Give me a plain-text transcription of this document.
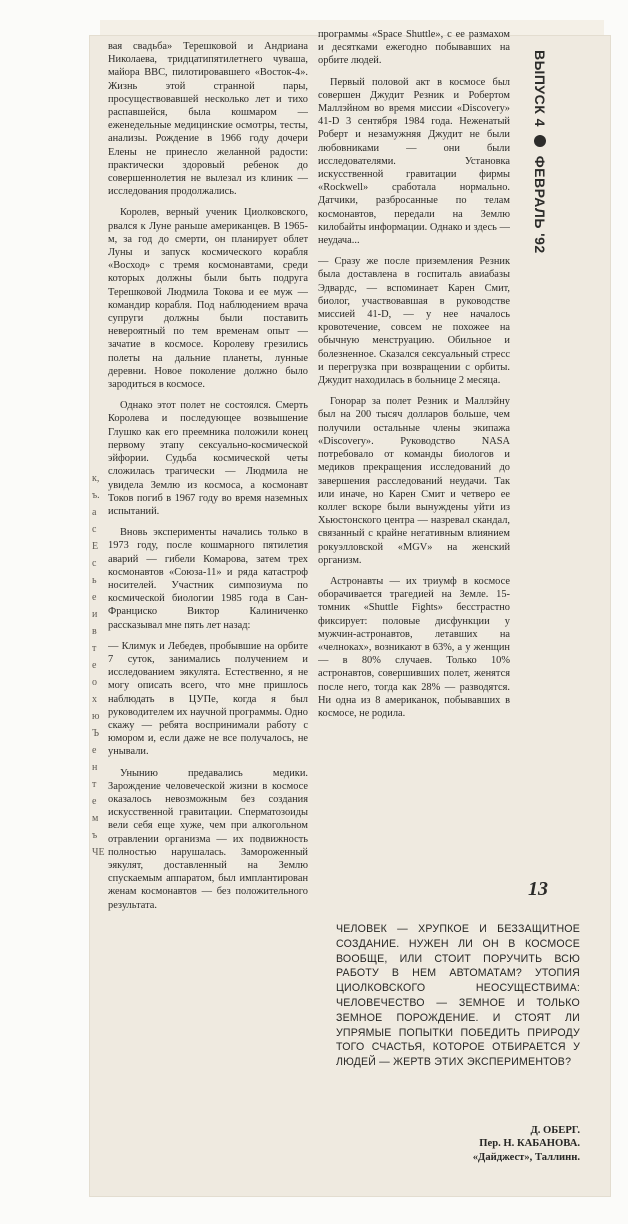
к,
ъ.
а
с
Е
с
ь
е
и
в
т
е
о
х
ю
Ъ
е
н
т
е
м
ъ
ЧЕ

вая свадьба» Терешковой и Андриана Николаева, тридцатипятилетнего чуваша, майора ВВС, пилотировавшего «Восток-4». Жизнь этой странной пары, просуществовавшей несколько лет и тихо распавшейся, была кошмаром — еженедельные медицинские осмотры, тесты, анализы. Рождение в 1966 году дочери Елены не принесло желанной радости: практически здоровый ребенок до совершеннолетия не вылезал из клиник — исследования продолжались.

Королев, верный ученик Циолковского, рвался к Луне раньше американцев. В 1965-м, за год до смерти, он планирует облет Луны и запуск космического корабля «Восход» с тремя космонавтами, среди которых должны были быть подруга Терешковой Людмила Токова и ее муж — командир корабля. Под наблюдением врача супруги должны были поставить невероятный по тем временам опыт — зачатие в космосе. Королеву грезились полеты на дальние планеты, лунные деревни. Новое поколение должно было зародиться в космосе.

Однако этот полет не состоялся. Смерть Королева и последующее возвышение Глушко как его преемника положили конец первому этапу сексуально-космической эйфории. Судьба космической четы сложилась трагически — Людмила не увидела Землю из космоса, а космонавт Токов погиб в 1967 году во время наземных испытаний.

Вновь эксперименты начались только в 1973 году, после кошмарного пятилетия аварий — гибели Комарова, затем трех космонавтов «Союза-11» и ряда катастроф носителей. Участник симпозиума по космической биологии 1985 года в Сан-Франциско Виктор Калиниченко рассказывал мне пять лет назад:

— Климук и Лебедев, пробывшие на орбите 7 суток, занимались получением и исследованием эякулята. Естественно, я не могу описать всего, что мне пришлось наблюдать в ЦУПе, когда я был руководителем их научной программы. Одно скажу — ребята воспринимали работу с юмором и, если даже не все получалось, не унывали.

Унынию предавались медики. Зарождение человеческой жизни в космосе оказалось невозможным без создания искусственной гравитации. Сперматозоиды вели себя еще хуже, чем при алкогольном отравлении организма — их подвижность полностью нарушалась. Замороженный эякулят, доставленный на Землю спускаемым аппаратом, был имплантирован женам космонавтов — без положительного результата.

программы «Space Shuttle», с ее размахом и десятками ежегодно побывавших на орбите людей.

Первый половой акт в космосе был совершен Джудит Резник и Робертом Маллэйном во время миссии «Discovery» 41-D 3 сентября 1984 года. Неженатый Роберт и незамужняя Джудит не были любовниками — они были исследователями. Установка искусственной гравитации фирмы «Rockwell» сработала нормально. Датчики, разбросанные по телам космонавтов, передали на Землю килобайты информации. Однако и здесь — неудача...

— Сразу же после приземления Резник была доставлена в госпиталь авиабазы Эдвардс, — вспоминает Карен Смит, биолог, участвовавшая в руководстве миссией 41-D, — у нее началось кровотечение, совсем не похожее на обычную менструацию. Обильное и болезненное. Сказался сексуальный стресс и перегрузка при возвращении с орбиты. Джудит находилась в больнице 2 месяца.

Гонорар за полет Резник и Маллэйну был на 200 тысяч долларов больше, чем получили остальные члены экипажа «Discovery». Руководство NASA потребовало от команды биологов и медиков прекращения исследований до завершения расследований неудачи. Так или иначе, но Карен Смит и четверо ее коллег вскоре были вынуждены уйти из Хьюстонского центра — назревал скандал, связанный с крайне негативным влиянием рокуэлловской «MGV» на женский организм.

Астронавты — их триумф в космосе оборачивается трагедией на Земле. 15-томник «Shuttle Fights» бесстрастно фиксирует: половые дисфункции у мужчин-астронавтов, летавших на «челноках», возникают в 63%, а у женщин — в 80% случаев. Только 10% астронавтов, совершивших полет, женятся после него, тогда как 28% — разводятся. Ни одна из 8 американок, побывавших в космосе, не родила.

ВЫПУСК 4  ФЕВРАЛЬ '92
13
ЧЕЛОВЕК — ХРУПКОЕ И БЕЗЗАЩИТНОЕ СОЗДАНИЕ. НУЖЕН ЛИ ОН В КОСМОСЕ ВООБЩЕ, ИЛИ СТОИТ ПОРУЧИТЬ ВСЮ РАБОТУ В НЕМ АВТОМАТАМ? УТОПИЯ ЦИОЛКОВСКОГО НЕОСУЩЕСТВИМА: ЧЕЛОВЕЧЕСТВО — ЗЕМНОЕ И ТОЛЬКО ЗЕМНОЕ ПОРОЖДЕНИЕ. И СТОЯТ ЛИ УПРЯМЫЕ ПОПЫТКИ ПОБЕДИТЬ ПРИРОДУ ТОГО СЧАСТЬЯ, КОТОРОЕ ОТБИРАЕТСЯ У ЛЮДЕЙ — ЖЕРТВ ЭТИХ ЭКСПЕРИМЕНТОВ?
Д. ОБЕРГ.
Пер. Н. КАБАНОВА.
«Дайджест», Таллинн.
